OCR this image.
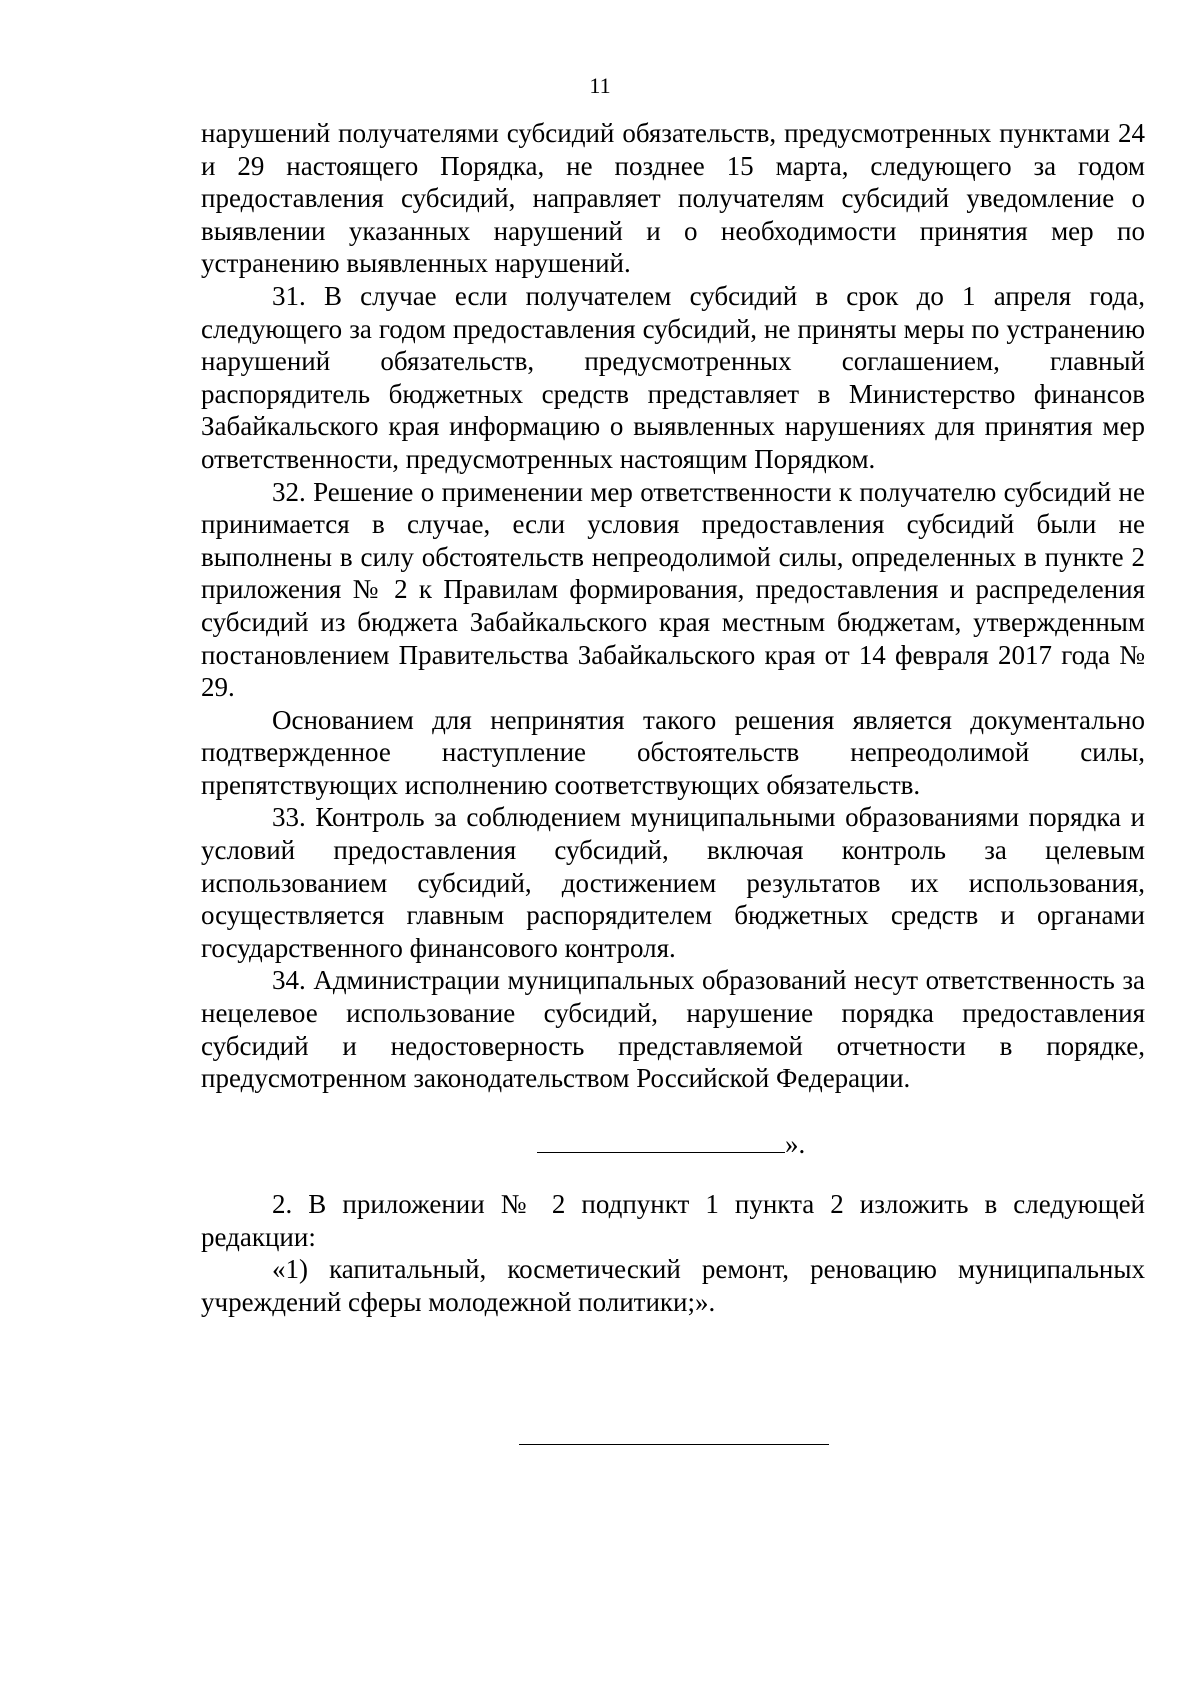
11

нарушений получателями субсидий обязательств, предусмотренных пунктами 24 и 29 настоящего Порядка, не позднее 15 марта, следующего за годом предоставления субсидий, направляет получателям субсидий уведомление о выявлении указанных нарушений и о необходимости принятия мер по устранению выявленных нарушений.

31. В случае если получателем субсидий в срок до 1 апреля года, следующего за годом предоставления субсидий, не приняты меры по устранению нарушений обязательств, предусмотренных соглашением, главный распорядитель бюджетных средств представляет в Министерство финансов Забайкальского края информацию о выявленных нарушениях для принятия мер ответственности, предусмотренных настоящим Порядком.

32. Решение о применении мер ответственности к получателю субсидий не принимается в случае, если условия предоставления субсидий были не выполнены в силу обстоятельств непреодолимой силы, определенных в пункте 2 приложения № 2 к Правилам формирования, предоставления и распределения субсидий из бюджета Забайкальского края местным бюджетам, утвержденным постановлением Правительства Забайкальского края от 14 февраля 2017 года № 29.

Основанием для непринятия такого решения является документально подтвержденное наступление обстоятельств непреодолимой силы, препятствующих исполнению соответствующих обязательств.

33. Контроль за соблюдением муниципальными образованиями порядка и условий предоставления субсидий, включая контроль за целевым использованием субсидий, достижением результатов их использования, осуществляется главным распорядителем бюджетных средств и органами государственного финансового контроля.

34. Администрации муниципальных образований несут ответственность за нецелевое использование субсидий, нарушение порядка предоставления субсидий и недостоверность представляемой отчетности в порядке, предусмотренном законодательством Российской Федерации.

».

2. В приложении № 2 подпункт 1 пункта 2 изложить в следующей редакции:

«1) капитальный, косметический ремонт, реновацию муниципальных учреждений сферы молодежной политики;».
